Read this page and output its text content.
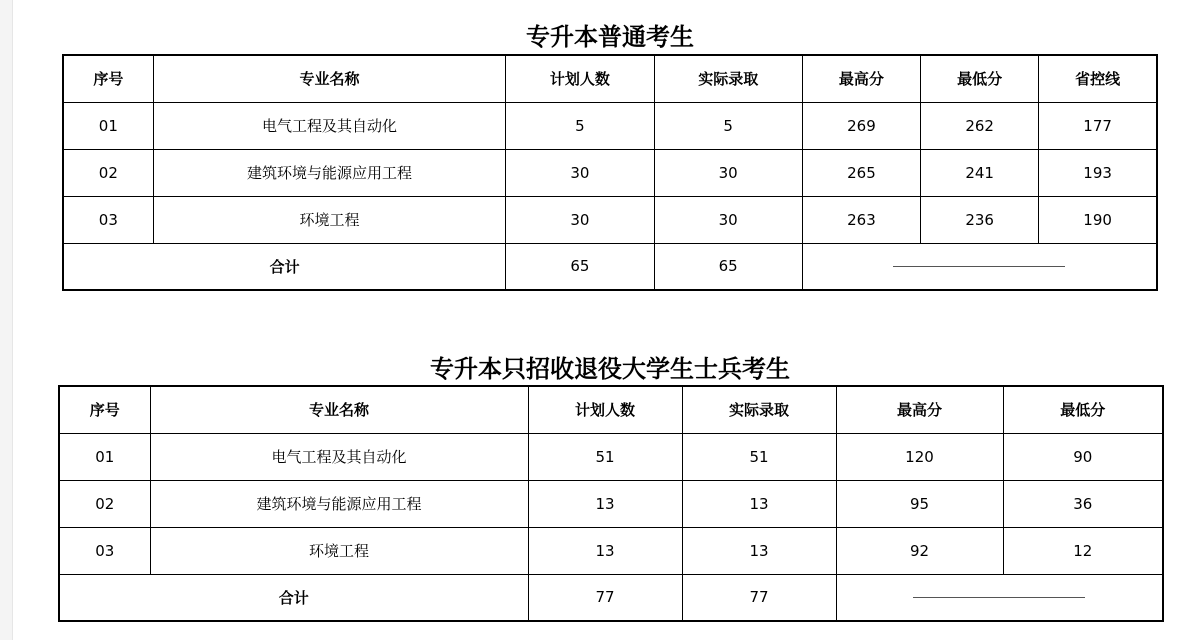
专升本普通考生
序号	专业名称	计划人数	实际录取	最高分	最低分	省控线
01	电气工程及其自动化	5	5	269	262	177
02	建筑环境与能源应用工程	30	30	265	241	193
03	环境工程	30	30	263	236	190
合计		65	65			
专升本只招收退役大学生士兵考生
序号	专业名称	计划人数	实际录取	最高分	最低分
01	电气工程及其自动化	51	51	120	90
02	建筑环境与能源应用工程	13	13	95	36
03	环境工程	13	13	92	12
合计		77	77		
